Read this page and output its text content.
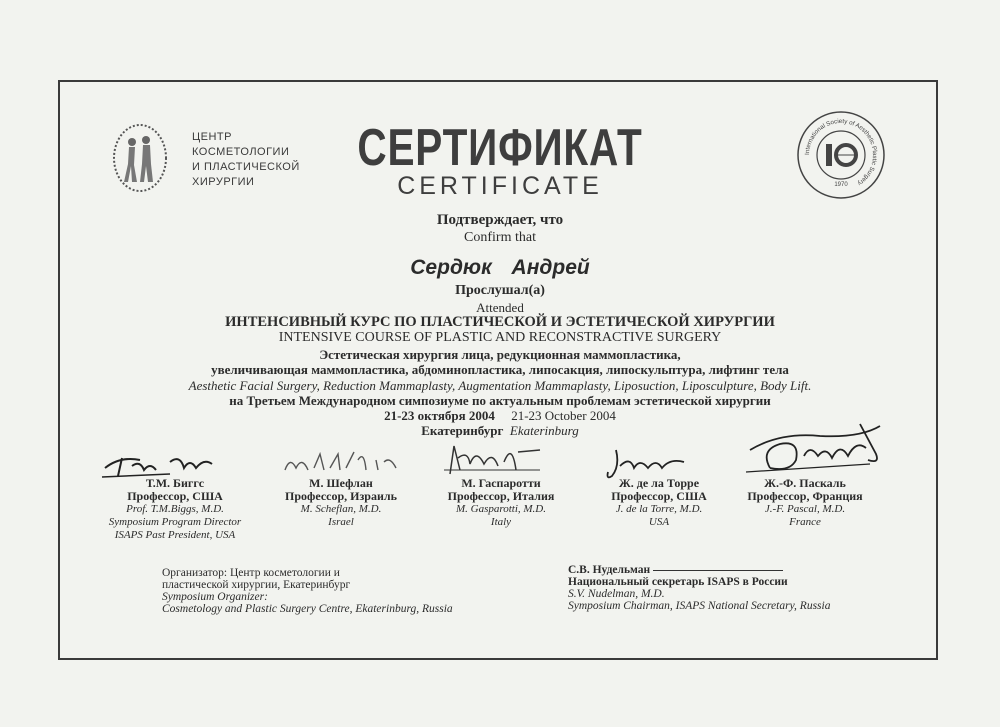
ЦЕНТР
КОСМЕТОЛОГИИ
И ПЛАСТИЧЕСКОЙ
ХИРУРГИИ
International Society of Aesthetic Plastic Surgery
1970
СЕРТИФИКАТ
CERTIFICATE
Подтверждает, что
Confirm that
Сердюк Андрей
Прослушал(а)
Attended
ИНТЕНСИВНЫЙ КУРС ПО ПЛАСТИЧЕСКОЙ И ЭСТЕТИЧЕСКОЙ ХИРУРГИИ
INTENSIVE COURSE OF PLASTIC AND RECONSTRACTIVE SURGERY
Эстетическая хирургия лица, редукционная маммопластика,
увеличивающая маммопластика, абдоминопластика, липосакция, липоскульптура, лифтинг тела
Aesthetic Facial Surgery, Reduction Mammaplasty, Augmentation Mammaplasty, Liposuction, Liposculpture, Body Lift.
на Третьем Международном симпозиуме по актуальным проблемам эстетической хирургии
21-23 октября 2004 21-23 October 2004
Екатеринбург Ekaterinburg
Т.М. Биггс
Профессор, США
Prof. T.M.Biggs, M.D.
Symposium Program Director
ISAPS Past President, USA
М. Шефлан
Профессор, Израиль
M. Scheflan, M.D.
Israel
М. Гаспаротти
Профессор, Италия
M. Gasparotti, M.D.
Italy
Ж. де ла Торре
Профессор, США
J. de la Torre, M.D.
USA
Ж.-Ф. Паскаль
Профессор, Франция
J.-F. Pascal, M.D.
France
Организатор: Центр косметологии и
пластической хирургии, Екатеринбург
Symposium Organizer:
Cosmetology and Plastic Surgery Centre, Ekaterinburg, Russia
С.В. Нудельман
Национальный секретарь ISAPS в России
S.V. Nudelman, M.D.
Symposium Chairman, ISAPS National Secretary, Russia
